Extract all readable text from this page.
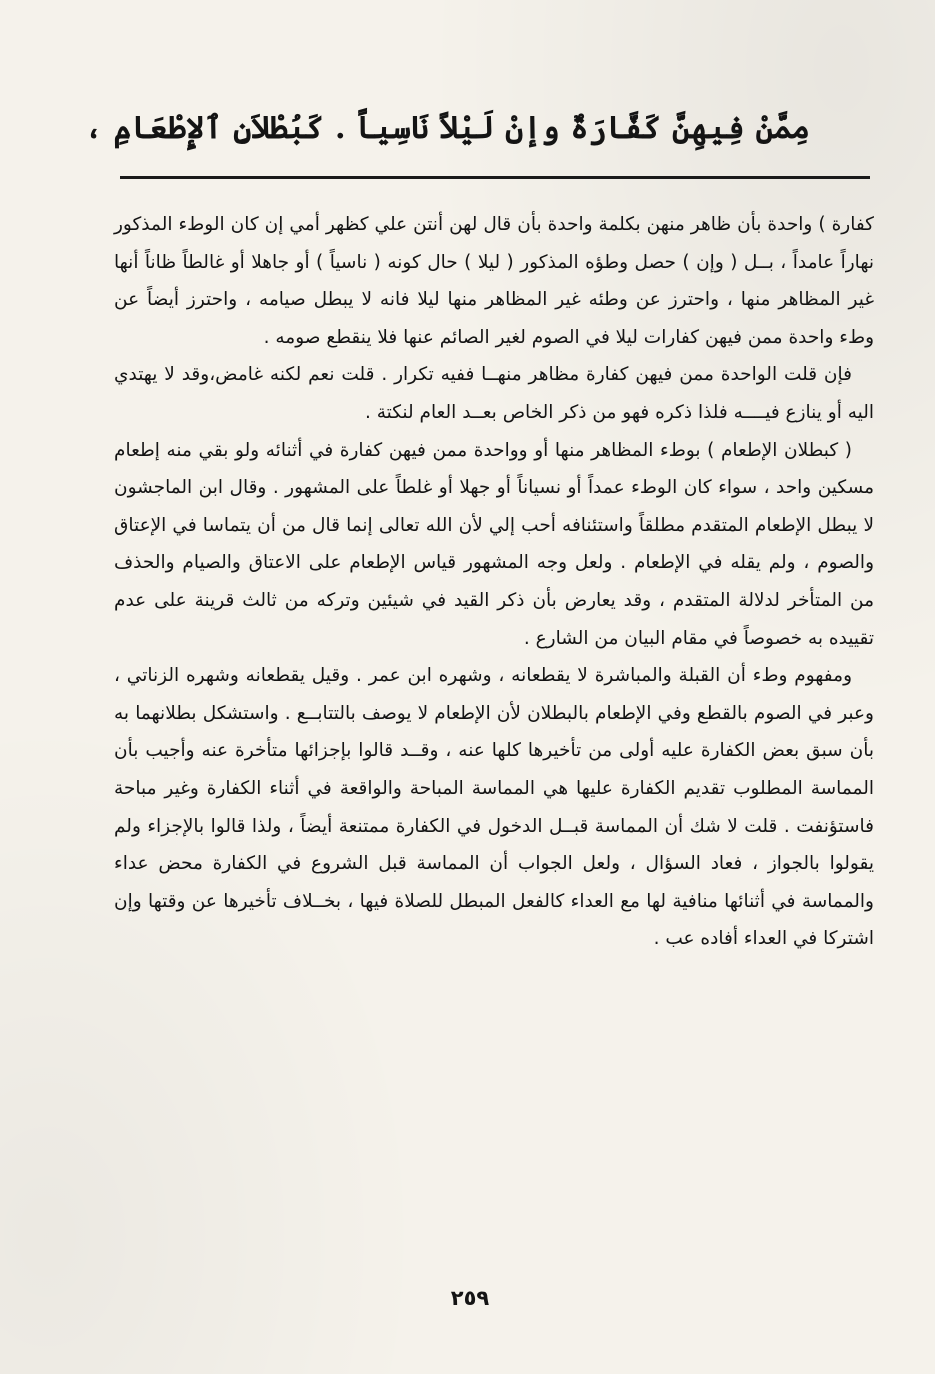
مِمَّنْ فِيهِنَّ كَفَّارَةٌ وإنْ لَيْلاً نَاسِياً . كَبُطْلاَنِ ٱلإِطْعَامِ ،

كفارة ) واحدة بأن ظاهر منهن بكلمة واحدة بأن قال لهن أنتن علي كظهر أمي إن كان الوطء المذكور نهاراً عامداً ، بــل ( وإن ) حصل وطؤه المذكور ( ليلا ) حال كونه ( ناسياً ) أو جاهلا أو غالطاً ظاناً أنها غير المظاهر منها ، واحترز عن وطئه غير المظاهر منها ليلا فانه لا يبطل صيامه ، واحترز أيضاً عن وطء واحدة ممن فيهن كفارات ليلا في الصوم لغير الصائم عنها فلا ينقطع صومه .

فإن قلت الواحدة ممن فيهن كفارة مظاهر منهــا ففيه تكرار . قلت نعم لكنه غامض،وقد لا يهتدي اليه أو ينازع فيــــه فلذا ذكره فهو من ذكر الخاص بعــد العام لنكتة .

( كبطلان الإطعام ) بوطء المظاهر منها أو وواحدة ممن فيهن كفارة في أثنائه ولو بقي منه إطعام مسكين واحد ، سواء كان الوطء عمداً أو نسياناً أو جهلا أو غلطاً على المشهور . وقال ابن الماجشون لا يبطل الإطعام المتقدم مطلقاً واستئنافه أحب إلي لأن الله تعالى إنما قال من أن يتماسا في الإعتاق والصوم ، ولم يقله في الإطعام . ولعل وجه المشهور قياس الإطعام على الاعتاق والصيام والحذف من المتأخر لدلالة المتقدم ، وقد يعارض بأن ذكر القيد في شيئين وتركه من ثالث قرينة على عدم تقييده به خصوصاً في مقام البيان من الشارع .

ومفهوم وطء أن القبلة والمباشرة لا يقطعانه ، وشهره ابن عمر . وقيل يقطعانه وشهره الزناتي ، وعبر في الصوم بالقطع وفي الإطعام بالبطلان لأن الإطعام لا يوصف بالتتابــع . واستشكل بطلانهما به بأن سبق بعض الكفارة عليه أولى من تأخيرها كلها عنه ، وقــد قالوا بإجزائها متأخرة عنه وأجيب بأن المماسة المطلوب تقديم الكفارة عليها هي المماسة المباحة والواقعة في أثناء الكفارة وغير مباحة فاستؤنفت . قلت لا شك أن المماسة قبــل الدخول في الكفارة ممتنعة أيضاً ، ولذا قالوا بالإجزاء ولم يقولوا بالجواز ، فعاد السؤال ، ولعل الجواب أن المماسة قبل الشروع في الكفارة محض عداء والمماسة في أثنائها منافية لها مع العداء كالفعل المبطل للصلاة فيها ، بخــلاف تأخيرها عن وقتها وإن اشتركا في العداء أفاده عب .

٢٥٩
